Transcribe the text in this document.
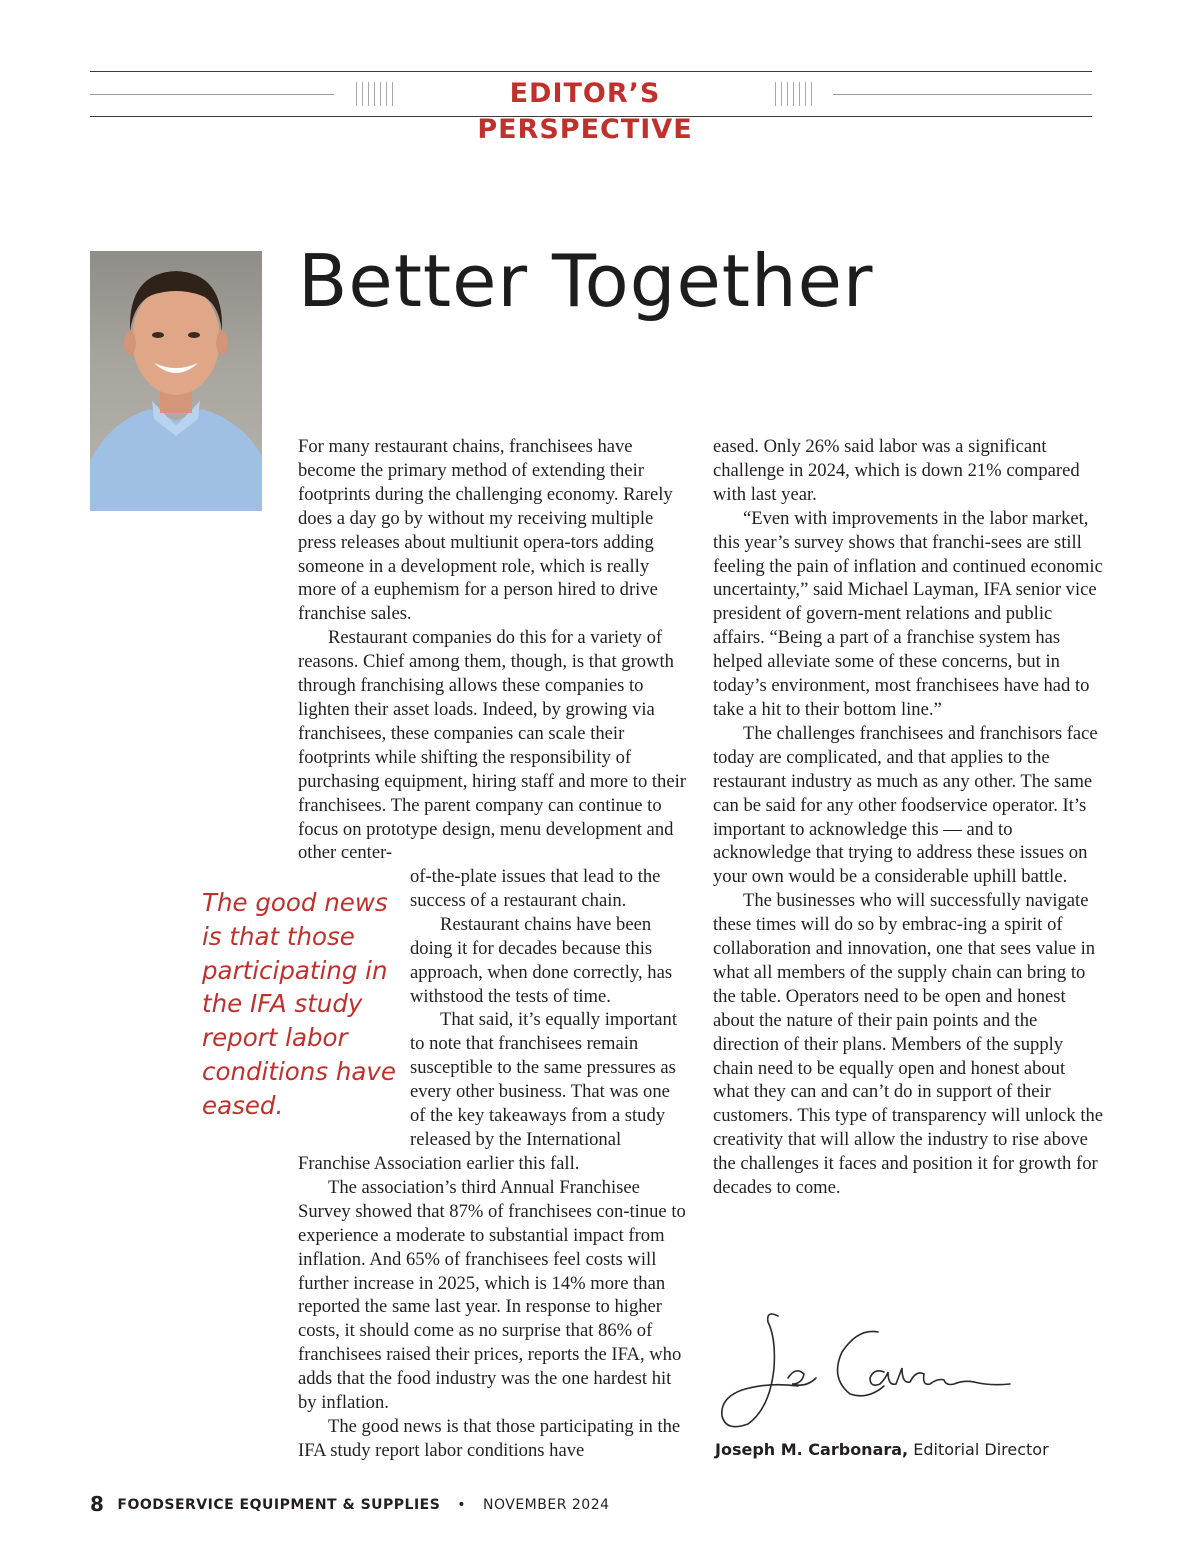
EDITOR’S PERSPECTIVE
Better Together

For many restaurant chains, franchisees have become the primary method of extending their footprints during the challenging economy. Rarely does a day go by without my receiving multiple press releases about multiunit opera-tors adding someone in a development role, which is really more of a euphemism for a person hired to drive franchise sales.

Restaurant companies do this for a variety of reasons. Chief among them, though, is that growth through franchising allows these companies to lighten their asset loads. Indeed, by growing via franchisees, these companies can scale their footprints while shifting the responsibility of purchasing equipment, hiring staff and more to their franchisees. The parent company can continue to focus on prototype design, menu development and other center-

of-the-plate issues that lead to the success of a restaurant chain.

Restaurant chains have been doing it for decades because this approach, when done correctly, has withstood the tests of time.

That said, it’s equally important to note that franchisees remain susceptible to the same pressures as every other business. That was one of the key takeaways from a study released by the International

Franchise Association earlier this fall.

The association’s third Annual Franchisee Survey showed that 87% of franchisees con-tinue to experience a moderate to substantial impact from inflation. And 65% of franchisees feel costs will further increase in 2025, which is 14% more than reported the same last year. In response to higher costs, it should come as no surprise that 86% of franchisees raised their prices, reports the IFA, who adds that the food industry was the one hardest hit by inflation.

The good news is that those participating in the IFA study report labor conditions have

eased. Only 26% said labor was a significant challenge in 2024, which is down 21% compared with last year.

“Even with improvements in the labor market, this year’s survey shows that franchi-sees are still feeling the pain of inflation and continued economic uncertainty,” said Michael Layman, IFA senior vice president of govern-ment relations and public affairs. “Being a part of a franchise system has helped alleviate some of these concerns, but in today’s environment, most franchisees have had to take a hit to their bottom line.”

The challenges franchisees and franchisors face today are complicated, and that applies to the restaurant industry as much as any other. The same can be said for any other foodservice operator. It’s important to acknowledge this — and to acknowledge that trying to address these issues on your own would be a considerable uphill battle.

The businesses who will successfully navigate these times will do so by embrac-ing a spirit of collaboration and innovation, one that sees value in what all members of the supply chain can bring to the table. Operators need to be open and honest about the nature of their pain points and the direction of their plans. Members of the supply chain need to be equally open and honest about what they can and can’t do in support of their customers. This type of transparency will unlock the creativity that will allow the industry to rise above the challenges it faces and position it for growth for decades to come.

The good news is that those participating in the IFA study report labor conditions have eased.
Joseph M. Carbonara, Editorial Director
8 FOODSERVICE EQUIPMENT & SUPPLIES • NOVEMBER 2024
